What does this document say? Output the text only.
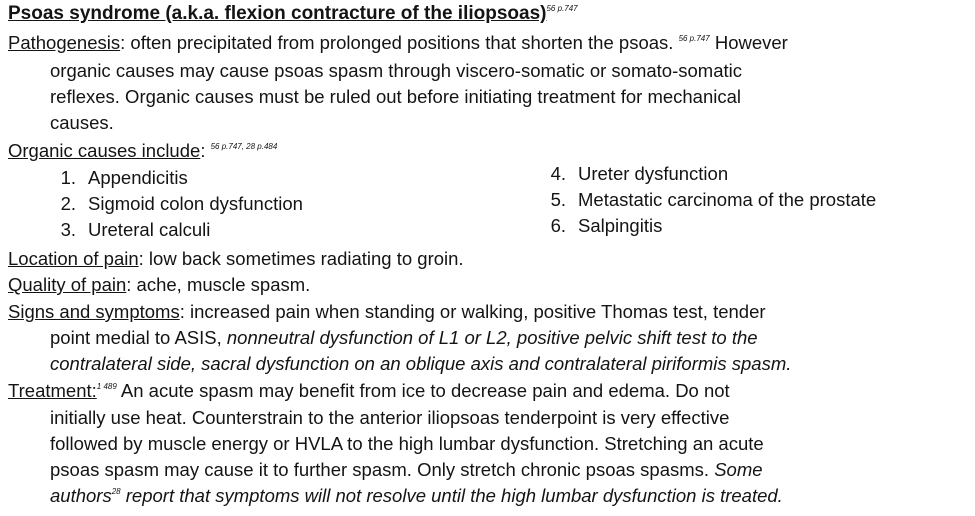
Psoas syndrome (a.k.a. flexion contracture of the iliopsoas)$^{56 p.747}$
Pathogenesis: often precipitated from prolonged positions that shorten the psoas. $^{56 p.747}$ However
organic causes may cause psoas spasm through viscero-somatic or somato-somatic
reflexes. Organic causes must be ruled out before initiating treatment for mechanical
causes.
Organic causes include: $^{56 p.747, 28 p.484}$
1. Appendicitis
2. Sigmoid colon dysfunction
3. Ureteral calculi
4. Ureter dysfunction
5. Metastatic carcinoma of the prostate
6. Salpingitis
Location of pain: low back sometimes radiating to groin.
Quality of pain: ache, muscle spasm.
Signs and symptoms: increased pain when standing or walking, positive Thomas test, tender
point medial to ASIS, nonneutral dysfunction of L1 or L2, positive pelvic shift test to the
contralateral side, sacral dysfunction on an oblique axis and contralateral piriformis spasm.
Treatment:$^{1 489}$ An acute spasm may benefit from ice to decrease pain and edema. Do not
initially use heat. Counterstrain to the anterior iliopsoas tenderpoint is very effective
followed by muscle energy or HVLA to the high lumbar dysfunction. Stretching an acute
psoas spasm may cause it to further spasm. Only stretch chronic psoas spasms. Some
authors$^{28}$ report that symptoms will not resolve until the high lumbar dysfunction is treated.
